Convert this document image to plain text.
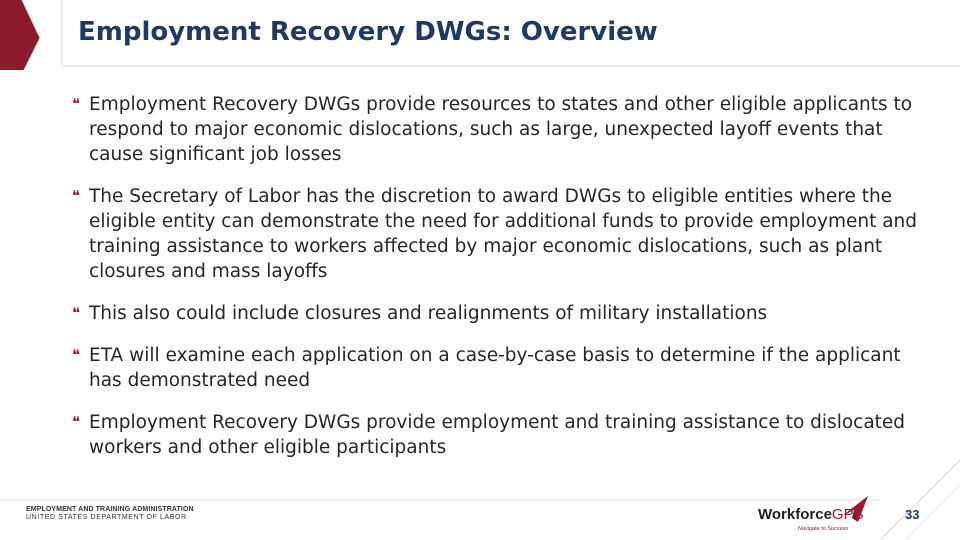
Employment Recovery DWGs: Overview
❝ Employment Recovery DWGs provide resources to states and other eligible applicants to respond to major economic dislocations, such as large, unexpected layoff events that cause significant job losses
❝ The Secretary of Labor has the discretion to award DWGs to eligible entities where the eligible entity can demonstrate the need for additional funds to provide employment and training assistance to workers affected by major economic dislocations, such as plant closures and mass layoffs
❝ This also could include closures and realignments of military installations
❝ ETA will examine each application on a case-by-case basis to determine if the applicant has demonstrated need
❝ Employment Recovery DWGs provide employment and training assistance to dislocated workers and other eligible participants
EMPLOYMENT AND TRAINING ADMINISTRATION
UNITED STATES DEPARTMENT OF LABOR	WorkforceGPS
Navigate to Success
33
